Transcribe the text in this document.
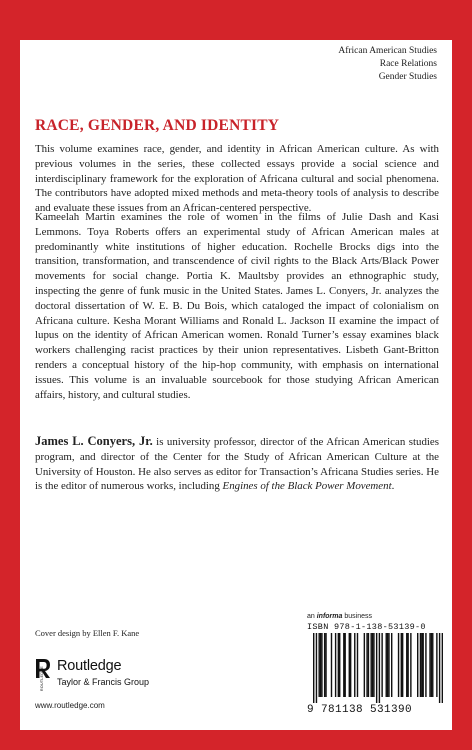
African American Studies
Race Relations
Gender Studies
RACE, GENDER, AND IDENTITY

This volume examines race, gender, and identity in African American culture. As with previous volumes in the series, these collected essays provide a social science and interdisciplinary framework for the exploration of Africana cultural and social phenomena. The contributors have adopted mixed methods and meta-theory tools of analysis to describe and evaluate these issues from an African-centered perspective.

Kameelah Martin examines the role of women in the films of Julie Dash and Kasi Lemmons. Toya Roberts offers an experimental study of African American males at predominantly white institutions of higher education. Rochelle Brocks digs into the transition, transformation, and transcendence of civil rights to the Black Arts/Black Power movements for social change. Portia K. Maultsby provides an ethnographic study, inspecting the genre of funk music in the United States. James L. Conyers, Jr. analyzes the doctoral dissertation of W. E. B. Du Bois, which cataloged the impact of colonialism on Africana culture. Kesha Morant Williams and Ronald L. Jackson II examine the impact of lupus on the identity of African American women. Ronald Turner’s essay examines black workers challenging racist practices by their union representatives. Lisbeth Gant-Britton renders a conceptual history of the hip-hop community, with emphasis on international issues. This volume is an invaluable sourcebook for those studying African American affairs, history, and cultural studies.

James L. Conyers, Jr. is university professor, director of the African American studies program, and director of the Center for the Study of African American Culture at the University of Houston. He also serves as editor for Transaction’s Africana Studies series. He is the editor of numerous works, including Engines of the Black Power Movement.

Cover design by Ellen F. Kane
ROUTLEDGE Routledge
Taylor & Francis Group
www.routledge.com
an informa business
ISBN 978-1-138-53139-0
9 781138 531390
